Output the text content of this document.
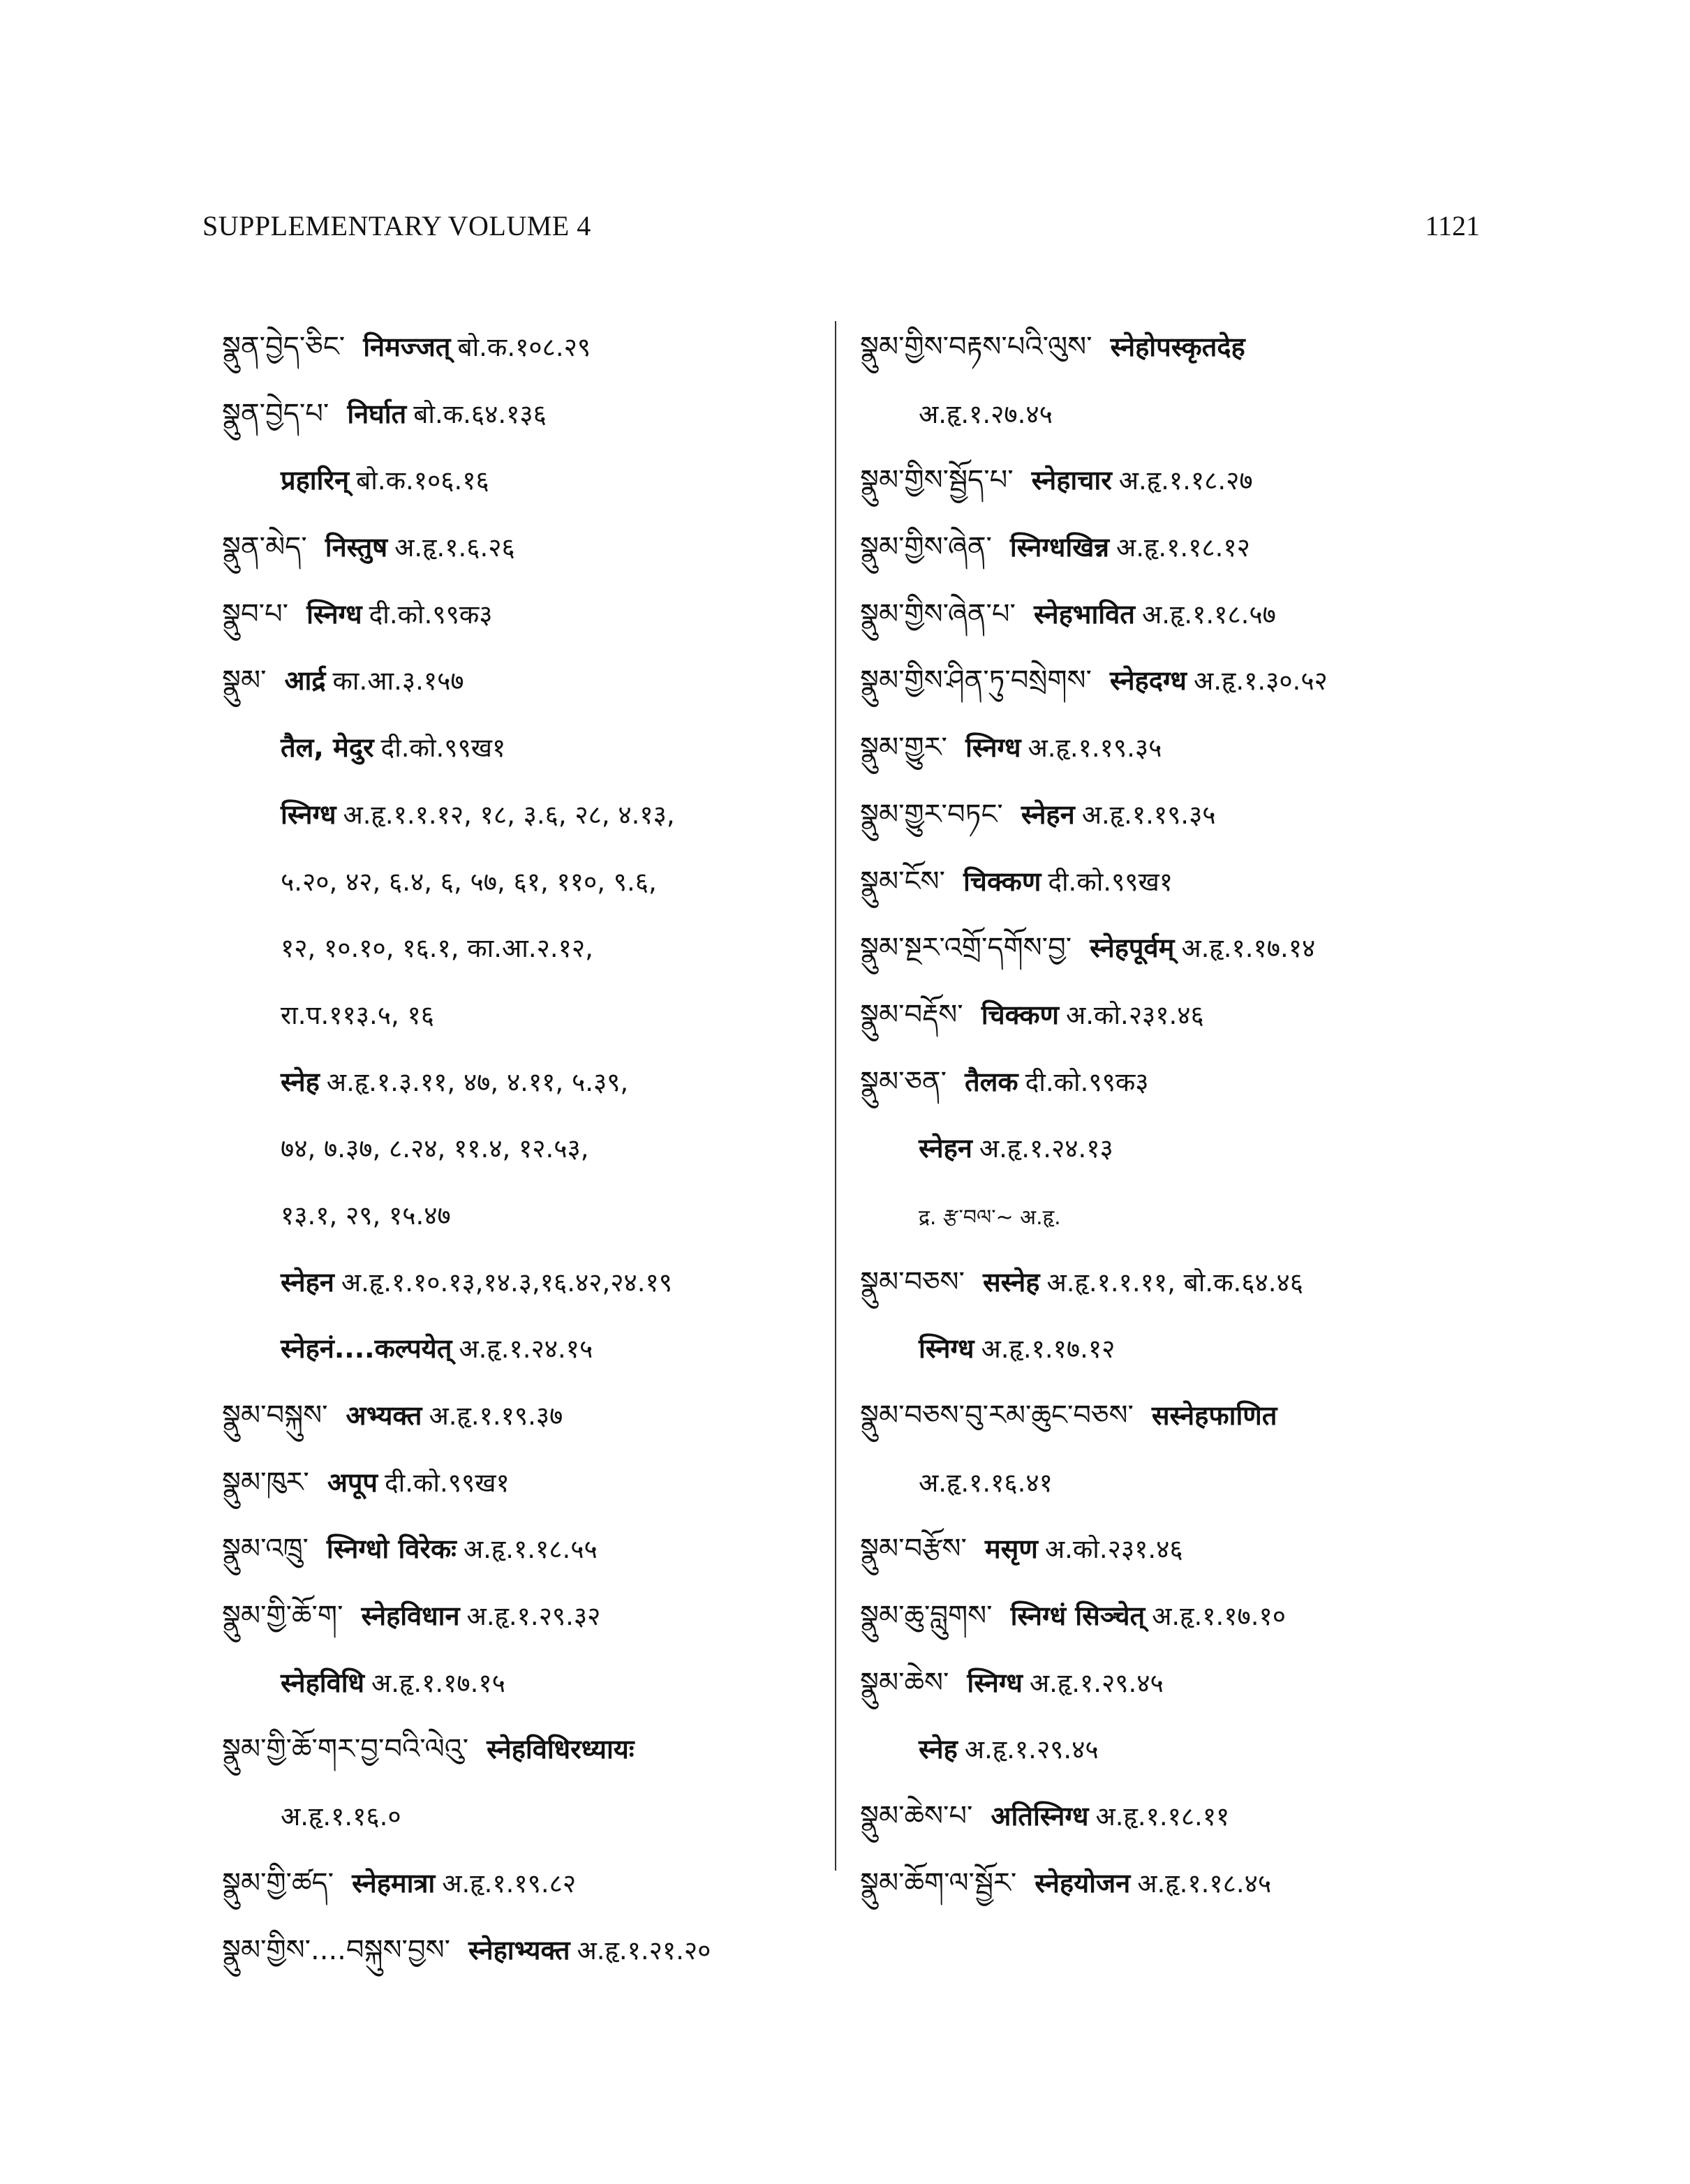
SUPPLEMENTARY VOLUME 4	1121
སྣུན་བྱེད་ཅིང་ निमज्जत् बो.क.१०८.२९
སྣུན་བྱེད་པ་ निर्घात बो.क.६४.१३६
प्रहारिन् बो.क.१०६.१६
སྣུན་མེད་ निस्तुष अ.हृ.१.६.२६
སྣུབ་པ་ स्निग्ध दी.को.९९क३
སྣུམ་ आर्द्र का.आ.३.१५७
तैल, मेदुर दी.को.९९ख१
स्निग्ध अ.हृ.१.१.१२, १८, ३.६, २८, ४.१३,
५.२०, ४२, ६.४, ६, ५७, ६१, ११०, ९.६,
१२, १०.१०, १६.१, का.आ.२.१२,
रा.प.११३.५, १६
स्नेह अ.हृ.१.३.११, ४७, ४.११, ५.३९,
७४, ७.३७, ८.२४, ११.४, १२.५३,
१३.१, २९, १५.४७
स्नेहन अ.हृ.१.१०.१३,१४.३,१६.४२,२४.१९
स्नेहनं....कल्पयेत् अ.हृ.१.२४.१५
སྣུམ་བསྐུས་ अभ्यक्त अ.हृ.१.१९.३७
སྣུམ་ཁུར་ अपूप दी.को.९९ख१
སྣུམ་འཁྲུ་ स्निग्धो विरेकः अ.हृ.१.१८.५५
སྣུམ་གྱི་ཆོ་ག་ स्नेहविधान अ.हृ.१.२९.३२
स्नेहविधि अ.हृ.१.१७.१५
སྣུམ་གྱི་ཆོ་གར་བྱ་བའི་ལེའུ་ स्नेहविधिरध्यायः
अ.हृ.१.१६.०
སྣུམ་གྱི་ཚད་ स्नेहमात्रा अ.हृ.१.१९.८२
སྣུམ་གྱིས་....བསྐུས་བྱས་ स्नेहाभ्यक्त अ.हृ.१.२१.२०
སྣུམ་གྱིས་བརྟས་པའི་ལུས་ स्नेहोपस्कृतदेह
अ.हृ.१.२७.४५
སྣུམ་གྱིས་སྦྱོད་པ་ स्नेहाचार अ.हृ.१.१८.२७
སྣུམ་གྱིས་ཞེན་ स्निग्धखिन्न अ.हृ.१.१८.१२
སྣུམ་གྱིས་ཞེན་པ་ स्नेहभावित अ.हृ.१.१८.५७
སྣུམ་གྱིས་ཤིན་ཏུ་བསྲེགས་ स्नेहदग्ध अ.हृ.१.३०.५२
སྣུམ་གྱུར་ स्निग्ध अ.हृ.१.१९.३५
སྣུམ་གྱུར་བཏང་ स्नेहन अ.हृ.१.१९.३५
སྣུམ་ངོས་ चिक्कण दी.को.९९ख१
སྣུམ་སྔར་འགྲོ་དགོས་བྱ་ स्नेहपूर्वम् अ.हृ.१.१७.१४
སྣུམ་བརྡོས་ चिक्कण अ.को.२३१.४६
སྣུམ་ཅན་ तैलक दी.को.९९क३
स्नेहन अ.हृ.१.२४.१३
द्र. རྩ་བལ་~ अ.हृ.
སྣུམ་བཅས་ सस्नेह अ.हृ.१.१.११, बो.क.६४.४६
स्निग्ध अ.हृ.१.१७.१२
སྣུམ་བཅས་བུ་རམ་ཆུང་བཅས་ सस्नेहफाणित
अ.हृ.१.१६.४१
སྣུམ་བརྩོས་ मसृण अ.को.२३१.४६
སྣུམ་ཆུ་བླུགས་ स्निग्धं सिञ्चेत् अ.हृ.१.१७.१०
སྣུམ་ཆེས་ स्निग्ध अ.हृ.१.२९.४५
स्नेह अ.हृ.१.२९.४५
སྣུམ་ཆེས་པ་ अतिस्निग्ध अ.हृ.१.१८.११
སྣུམ་ཆོག་ལ་སྦྱོར་ स्नेहयोजन अ.हृ.१.१८.४५
